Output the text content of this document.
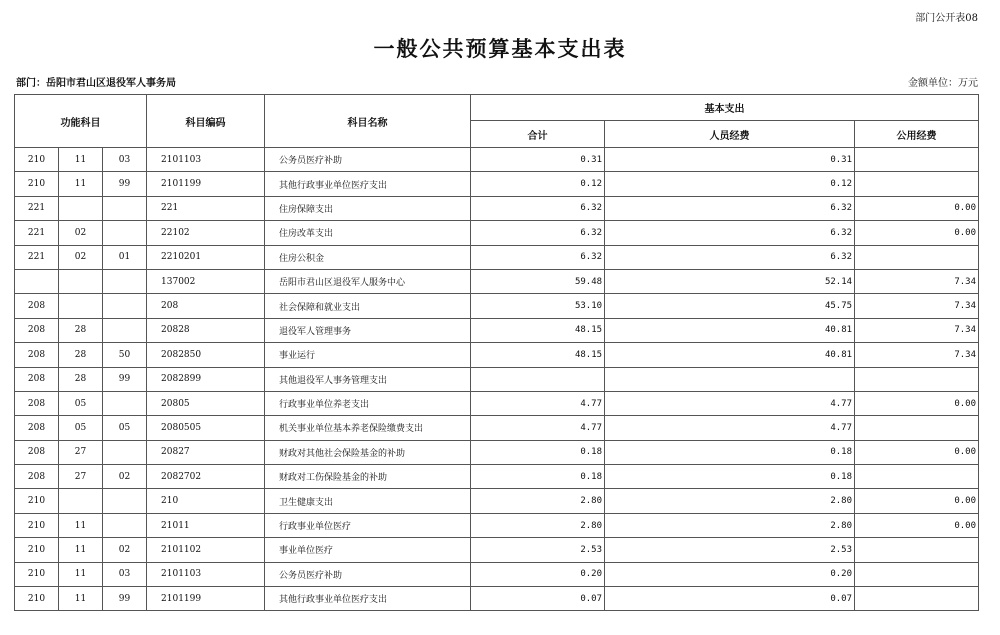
部门公开表08
一般公共预算基本支出表
部门：岳阳市君山区退役军人事务局	金额单位：万元
功能科目			科目编码	科目名称	基本支出		
					合计	人员经费	公用经费
210	11	03	2101103	公务员医疗补助	0.31	0.31	
210	11	99	2101199	其他行政事业单位医疗支出	0.12	0.12	
221			221	住房保障支出	6.32	6.32	0.00
221	02		22102	住房改革支出	6.32	6.32	0.00
221	02	01	2210201	住房公积金	6.32	6.32	
			137002	岳阳市君山区退役军人服务中心	59.48	52.14	7.34
208			208	社会保障和就业支出	53.10	45.75	7.34
208	28		20828	退役军人管理事务	48.15	40.81	7.34
208	28	50	2082850	事业运行	48.15	40.81	7.34
208	28	99	2082899	其他退役军人事务管理支出			
208	05		20805	行政事业单位养老支出	4.77	4.77	0.00
208	05	05	2080505	机关事业单位基本养老保险缴费支出	4.77	4.77	
208	27		20827	财政对其他社会保险基金的补助	0.18	0.18	0.00
208	27	02	2082702	财政对工伤保险基金的补助	0.18	0.18	
210			210	卫生健康支出	2.80	2.80	0.00
210	11		21011	行政事业单位医疗	2.80	2.80	0.00
210	11	02	2101102	事业单位医疗	2.53	2.53	
210	11	03	2101103	公务员医疗补助	0.20	0.20	
210	11	99	2101199	其他行政事业单位医疗支出	0.07	0.07	
